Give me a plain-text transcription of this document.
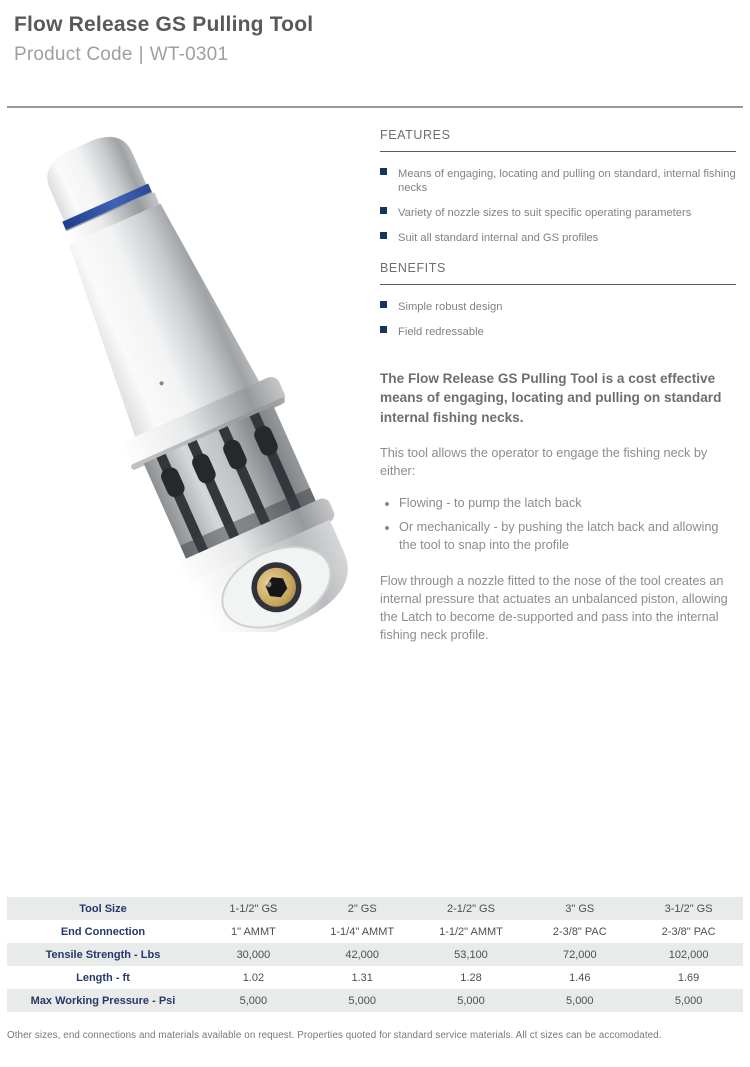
Flow Release GS Pulling Tool
Product Code | WT-0301
FEATURES
Means of engaging, locating and pulling on standard, internal fishing necks
Variety of nozzle sizes to suit specific operating parameters
Suit all standard internal and GS profiles
BENEFITS
Simple robust design
Field redressable

The Flow Release GS Pulling Tool is a cost effective means of engaging, locating and pulling on standard internal fishing necks.

This tool allows the operator to engage the fishing neck by either:

• Flowing - to pump the latch back
• Or mechanically - by pushing the latch back and allowing the tool to snap into the profile

Flow through a nozzle fitted to the nose of the tool creates an internal pressure that actuates an unbalanced piston, allowing the Latch to become de-supported and pass into the internal fishing neck profile.

Tool Size	1-1/2" GS	2" GS	2-1/2" GS	3" GS	3-1/2" GS
End Connection	1" AMMT	1-1/4" AMMT	1-1/2" AMMT	2-3/8" PAC	2-3/8" PAC
Tensile Strength - Lbs	30,000	42,000	53,100	72,000	102,000
Length - ft	1.02	1.31	1.28	1.46	1.69
Max Working Pressure - Psi	5,000	5,000	5,000	5,000	5,000

Other sizes, end connections and materials available on request. Properties quoted for standard service materials. All ct sizes can be accomodated.
